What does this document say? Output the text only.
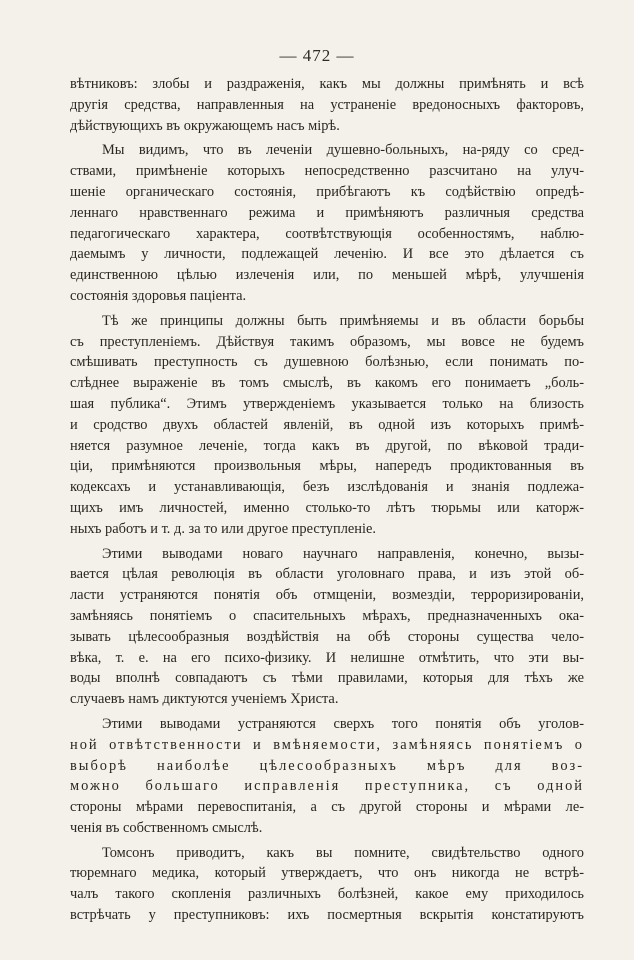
— 472 —
вѣтниковъ: злобы и раздраженія, какъ мы должны примѣнять и всѣ
другія средства, направленныя на устраненіе вредоносныхъ факторовъ,
дѣйствующихъ въ окружающемъ насъ мірѣ.
Мы видимъ, что въ леченіи душевно-больныхъ, на-ряду со сред-
ствами, примѣненіе которыхъ непосредственно разсчитано на улуч-
шеніе органическаго состоянія, прибѣгаютъ къ содѣйствію опредѣ-
леннаго нравственнаго режима и примѣняютъ различныя средства
педагогическаго характера, соотвѣтствующія особенностямъ, наблю-
даемымъ у личности, подлежащей леченію. И все это дѣлается съ
единственною цѣлью излеченія или, по меньшей мѣрѣ, улучшенія
состоянія здоровья паціента.
Тѣ же принципы должны быть примѣняемы и въ области борьбы
съ преступленіемъ. Дѣйствуя такимъ образомъ, мы вовсе не будемъ
смѣшивать преступность съ душевною болѣзнью, если понимать по-
слѣднее выраженіе въ томъ смыслѣ, въ какомъ его понимаетъ „боль-
шая публика“. Этимъ утвержденіемъ указывается только на близость
и сродство двухъ областей явленій, въ одной изъ которыхъ примѣ-
няется разумное леченіе, тогда какъ въ другой, по вѣковой тради-
ціи, примѣняются произвольныя мѣры, напередъ продиктованныя въ
кодексахъ и устанавливающія, безъ изслѣдованія и знанія подлежа-
щихъ имъ личностей, именно столько-то лѣтъ тюрьмы или каторж-
ныхъ работъ и т. д. за то или другое преступленіе.
Этими выводами новаго научнаго направленія, конечно, вызы-
вается цѣлая революція въ области уголовнаго права, и изъ этой об-
ласти устраняются понятія объ отмщеніи, возмездіи, терроризированіи,
замѣняясь понятіемъ о спасительныхъ мѣрахъ, предназначенныхъ ока-
зывать цѣлесообразныя воздѣйствія на обѣ стороны существа чело-
вѣка, т. е. на его психо-физику. И нелишне отмѣтить, что эти вы-
воды вполнѣ совпадаютъ съ тѣми правилами, которыя для тѣхъ же
случаевъ намъ диктуются ученіемъ Христа.
Этими выводами устраняются сверхъ того понятія объ уголов-
ной отвѣтственности и вмѣняемости, замѣняясь понятіемъ о
выборѣ наиболѣе цѣлесообразныхъ мѣръ для воз-
можно большаго исправленія преступника, съ одной
стороны мѣрами перевоспитанія, а съ другой стороны и мѣрами ле-
ченія въ собственномъ смыслѣ.
Томсонъ приводитъ, какъ вы помните, свидѣтельство одного
тюремнаго медика, который утверждаетъ, что онъ никогда не встрѣ-
чалъ такого скопленія различныхъ болѣзней, какое ему приходилось
встрѣчать у преступниковъ: ихъ посмертныя вскрытія констатируютъ
